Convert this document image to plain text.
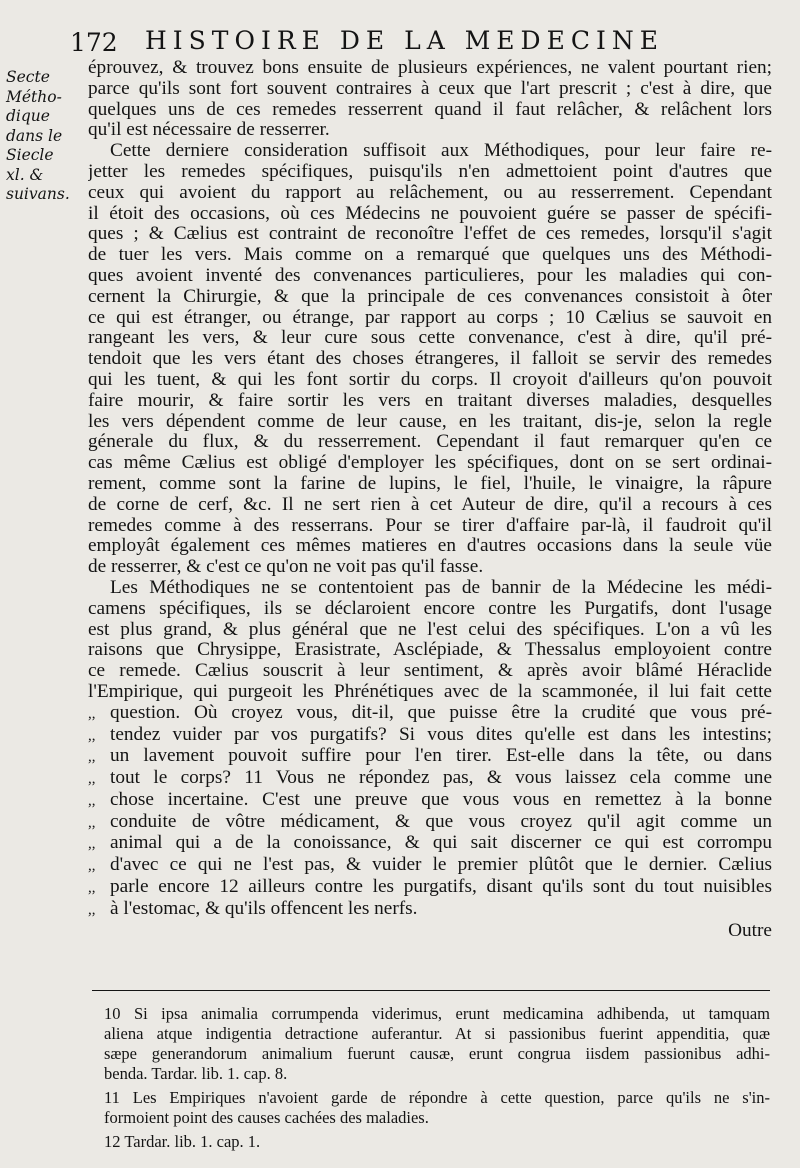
172 HISTOIRE DE LA MEDECINE
Secte
Métho-
dique
dans le
Siecle
xl. &
suivans.
éprouvez, & trouvez bons ensuite de plusieurs expériences, ne valent pourtant rien;
parce qu'ils sont fort souvent contraires à ceux que l'art prescrit ; c'est à dire, que
quelques uns de ces remedes resserrent quand il faut relâcher, & relâchent lors
qu'il est nécessaire de resserrer.
Cette derniere consideration suffisoit aux Méthodiques, pour leur faire re-
jetter les remedes spécifiques, puisqu'ils n'en admettoient point d'autres que
ceux qui avoient du rapport au relâchement, ou au resserrement. Cependant
il étoit des occasions, où ces Médecins ne pouvoient guére se passer de spécifi-
ques ; & Cælius est contraint de reconoître l'effet de ces remedes, lorsqu'il s'agit
de tuer les vers. Mais comme on a remarqué que quelques uns des Méthodi-
ques avoient inventé des convenances particulieres, pour les maladies qui con-
cernent la Chirurgie, & que la principale de ces convenances consistoit à ôter
ce qui est étranger, ou étrange, par rapport au corps ; 10 Cælius se sauvoit en
rangeant les vers, & leur cure sous cette convenance, c'est à dire, qu'il pré-
tendoit que les vers étant des choses étrangeres, il falloit se servir des remedes
qui les tuent, & qui les font sortir du corps. Il croyoit d'ailleurs qu'on pouvoit
faire mourir, & faire sortir les vers en traitant diverses maladies, desquelles
les vers dépendent comme de leur cause, en les traitant, dis-je, selon la regle
génerale du flux, & du resserrement. Cependant il faut remarquer qu'en ce
cas même Cælius est obligé d'employer les spécifiques, dont on se sert ordinai-
rement, comme sont la farine de lupins, le fiel, l'huile, le vinaigre, la râpure
de corne de cerf, &c. Il ne sert rien à cet Auteur de dire, qu'il a recours à ces
remedes comme à des resserrans. Pour se tirer d'affaire par-là, il faudroit qu'il
employât également ces mêmes matieres en d'autres occasions dans la seule vüe
de resserrer, & c'est ce qu'on ne voit pas qu'il fasse.
Les Méthodiques ne se contentoient pas de bannir de la Médecine les médi-
camens spécifiques, ils se déclaroient encore contre les Purgatifs, dont l'usage
est plus grand, & plus général que ne l'est celui des spécifiques. L'on a vû les
raisons que Chrysippe, Erasistrate, Asclépiade, & Thessalus employoient contre
ce remede. Cælius souscrit à leur sentiment, & après avoir blâmé Héraclide
l'Empirique, qui purgeoit les Phrénétiques avec de la scammonée, il lui fait cette
,, question. Où croyez vous, dit-il, que puisse être la crudité que vous pré-
,, tendez vuider par vos purgatifs? Si vous dites qu'elle est dans les intestins;
,, un lavement pouvoit suffire pour l'en tirer. Est-elle dans la tête, ou dans
,, tout le corps? 11 Vous ne répondez pas, & vous laissez cela comme une
,, chose incertaine. C'est une preuve que vous vous en remettez à la bonne
,, conduite de vôtre médicament, & que vous croyez qu'il agit comme un
,, animal qui a de la conoissance, & qui sait discerner ce qui est corrompu
,, d'avec ce qui ne l'est pas, & vuider le premier plûtôt que le dernier. Cælius
,, parle encore 12 ailleurs contre les purgatifs, disant qu'ils sont du tout nuisibles
,, à l'estomac, & qu'ils offencent les nerfs.
Outre
10 Si ipsa animalia corrumpenda viderimus, erunt medicamina adhibenda, ut tamquam
aliena atque indigentia detractione auferantur. At si passionibus fuerint appenditia, quæ
sæpe generandorum animalium fuerunt causæ, erunt congrua iisdem passionibus adhi-
benda. Tardar. lib. 1. cap. 8.
11 Les Empiriques n'avoient garde de répondre à cette question, parce qu'ils ne s'in-
formoient point des causes cachées des maladies.
12 Tardar. lib. 1. cap. 1.
